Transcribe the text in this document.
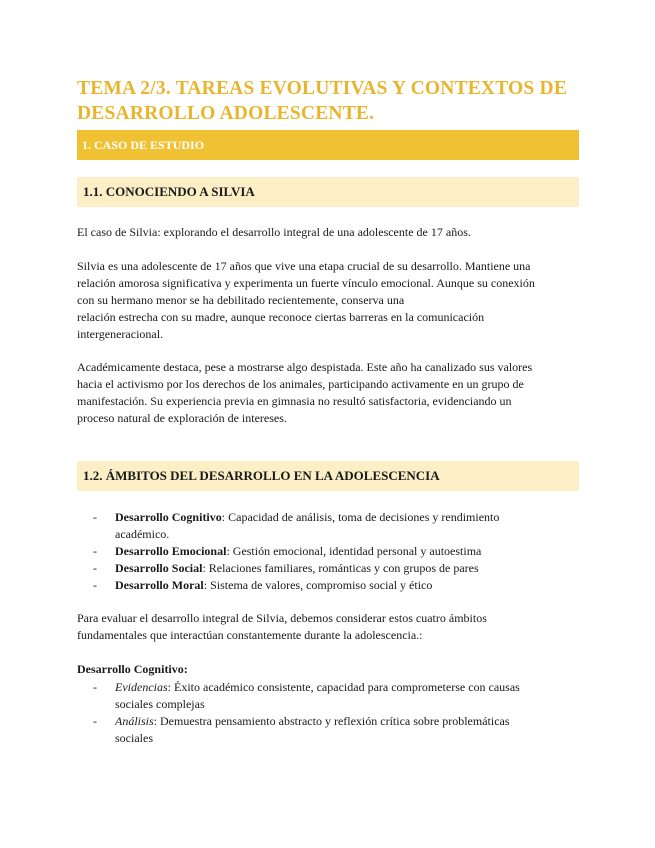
TEMA 2/3. TAREAS EVOLUTIVAS Y CONTEXTOS DE
DESARROLLO ADOLESCENTE.
1. CASO DE ESTUDIO
1.1. CONOCIENDO A SILVIA

El caso de Silvia: explorando el desarrollo integral de una adolescente de 17 años.

Silvia es una adolescente de 17 años que vive una etapa crucial de su desarrollo. Mantiene una
relación amorosa significativa y experimenta un fuerte vínculo emocional. Aunque su conexión
con su hermano menor se ha debilitado recientemente, conserva una
relación estrecha con su madre, aunque reconoce ciertas barreras en la comunicación
intergeneracional.

Académicamente destaca, pese a mostrarse algo despistada. Este año ha canalizado sus valores
hacia el activismo por los derechos de los animales, participando activamente en un grupo de
manifestación. Su experiencia previa en gimnasia no resultó satisfactoria, evidenciando un
proceso natural de exploración de intereses.

1.2. ÁMBITOS DEL DESARROLLO EN LA ADOLESCENCIA
- Desarrollo Cognitivo: Capacidad de análisis, toma de decisiones y rendimiento
académico.
- Desarrollo Emocional: Gestión emocional, identidad personal y autoestima
- Desarrollo Social: Relaciones familiares, románticas y con grupos de pares
- Desarrollo Moral: Sistema de valores, compromiso social y ético

Para evaluar el desarrollo integral de Silvia, debemos considerar estos cuatro ámbitos
fundamentales que interactúan constantemente durante la adolescencia.:

Desarrollo Cognitivo:

- Evidencias: Éxito académico consistente, capacidad para comprometerse con causas
sociales complejas
- Análisis: Demuestra pensamiento abstracto y reflexión crítica sobre problemáticas
sociales
